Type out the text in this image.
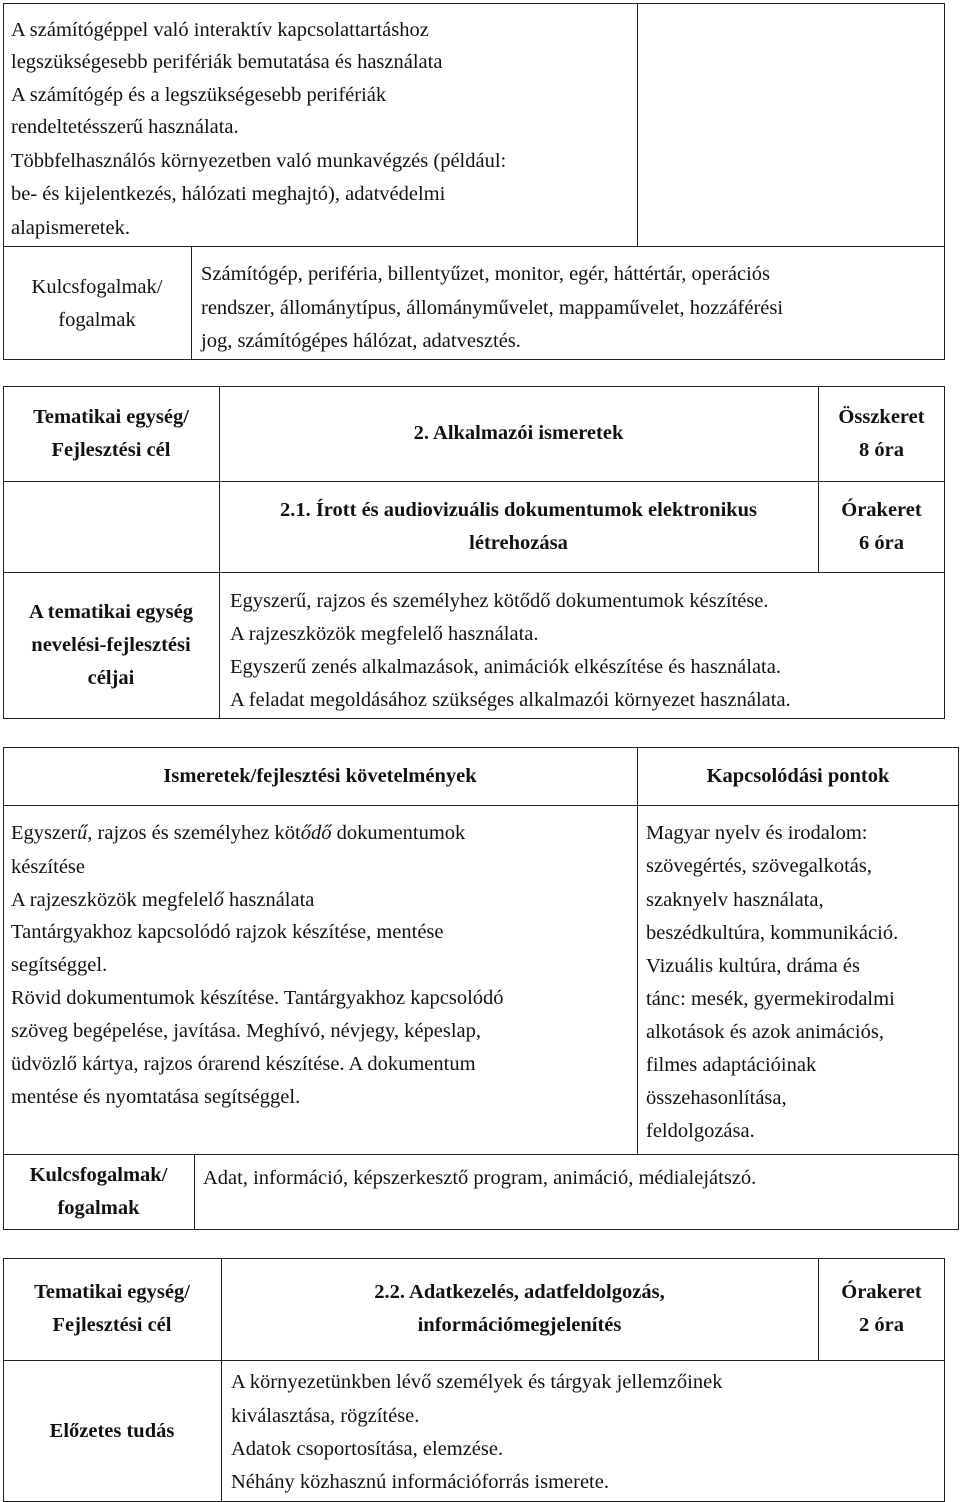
A számítógéppel való interaktív kapcsolattartáshoz
legszükségesebb perifériák bemutatása és használata
A számítógép és a legszükségesebb perifériák
rendeltetésszerű használata.
Többfelhasználós környezetben való munkavégzés (például:
be- és kijelentkezés, hálózati meghajtó), adatvédelmi
alapismeretek.
Kulcsfogalmak/
fogalmak
Számítógép, periféria, billentyűzet, monitor, egér, háttértár, operációs
rendszer, állománytípus, állományművelet, mappaművelet, hozzáférési
jog, számítógépes hálózat, adatvesztés.
Tematikai egység/
Fejlesztési cél
2. Alkalmazói ismeretek
Összkeret
8 óra
2.1. Írott és audiovizuális dokumentumok elektronikus
létrehozása
Órakeret
6 óra
A tematikai egység
nevelési-fejlesztési
céljai
Egyszerű, rajzos és személyhez kötődő dokumentumok készítése.
A rajzeszközök megfelelő használata.
Egyszerű zenés alkalmazások, animációk elkészítése és használata.
A feladat megoldásához szükséges alkalmazói környezet használata.
Ismeretek/fejlesztési követelmények	Kapcsolódási pontok
Egyszerű, rajzos és személyhez kötődő dokumentumok
készítése
A rajzeszközök megfelelő használata
Tantárgyakhoz kapcsolódó rajzok készítése, mentése
segítséggel.
Rövid dokumentumok készítése. Tantárgyakhoz kapcsolódó
szöveg begépelése, javítása. Meghívó, névjegy, képeslap,
üdvözlő kártya, rajzos órarend készítése. A dokumentum
mentése és nyomtatása segítséggel.
Magyar nyelv és irodalom:
szövegértés, szövegalkotás,
szaknyelv használata,
beszédkultúra, kommunikáció.
Vizuális kultúra, dráma és
tánc: mesék, gyermekirodalmi
alkotások és azok animációs,
filmes adaptációinak
összehasonlítása,
feldolgozása.
Kulcsfogalmak/
fogalmak
Adat, információ, képszerkesztő program, animáció, médialejátszó.
Tematikai egység/
Fejlesztési cél
2.2. Adatkezelés, adatfeldolgozás,
információmegjelenítés
Órakeret
2 óra
Előzetes tudás
A környezetünkben lévő személyek és tárgyak jellemzőinek
kiválasztása, rögzítése.
Adatok csoportosítása, elemzése.
Néhány közhasznú információforrás ismerete.
